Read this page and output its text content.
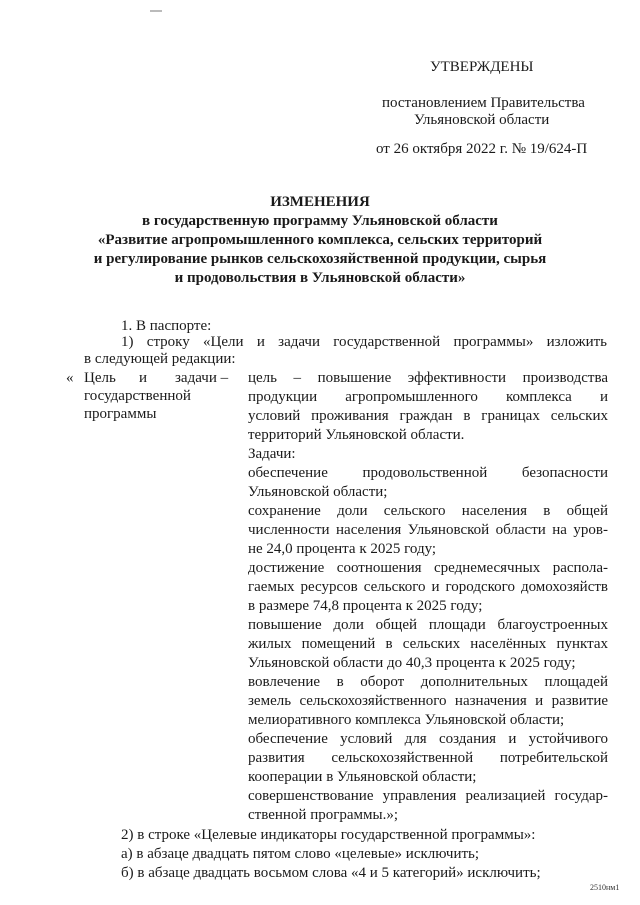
УТВЕРЖДЕНЫ
постановлением Правительства
Ульяновской области
от 26 октября 2022 г. № 19/624-П
ИЗМЕНЕНИЯ
в государственную программу Ульяновской области
«Развитие агропромышленного комплекса, сельских территорий
и регулирование рынков сельскохозяйственной продукции, сырья
и продовольствия в Ульяновской области»
1. В паспорте:
1) строку «Цели и задачи государственной программы» изложить
в следующей редакции:
« Цель и задачи –
государственной
программы
цель – повышение эффективности производства
продукции агропромышленного комплекса и
условий проживания граждан в границах сельских
территорий Ульяновской области.
Задачи:
обеспечение продовольственной безопасности
Ульяновской области;
сохранение доли сельского населения в общей
численности населения Ульяновской области на уров-
не 24,0 процента к 2025 году;
достижение соотношения среднемесячных распола-
гаемых ресурсов сельского и городского домохозяйств
в размере 74,8 процента к 2025 году;
повышение доли общей площади благоустроенных
жилых помещений в сельских населённых пунктах
Ульяновской области до 40,3 процента к 2025 году;
вовлечение в оборот дополнительных площадей
земель сельскохозяйственного назначения и развитие
мелиоративного комплекса Ульяновской области;
обеспечение условий для создания и устойчивого
развития сельскохозяйственной потребительской
кооперации в Ульяновской области;
совершенствование управления реализацией государ-
ственной программы.»;
2) в строке «Целевые индикаторы государственной программы»:
а) в абзаце двадцать пятом слово «целевые» исключить;
б) в абзаце двадцать восьмом слова «4 и 5 категорий» исключить;
2510нм1
